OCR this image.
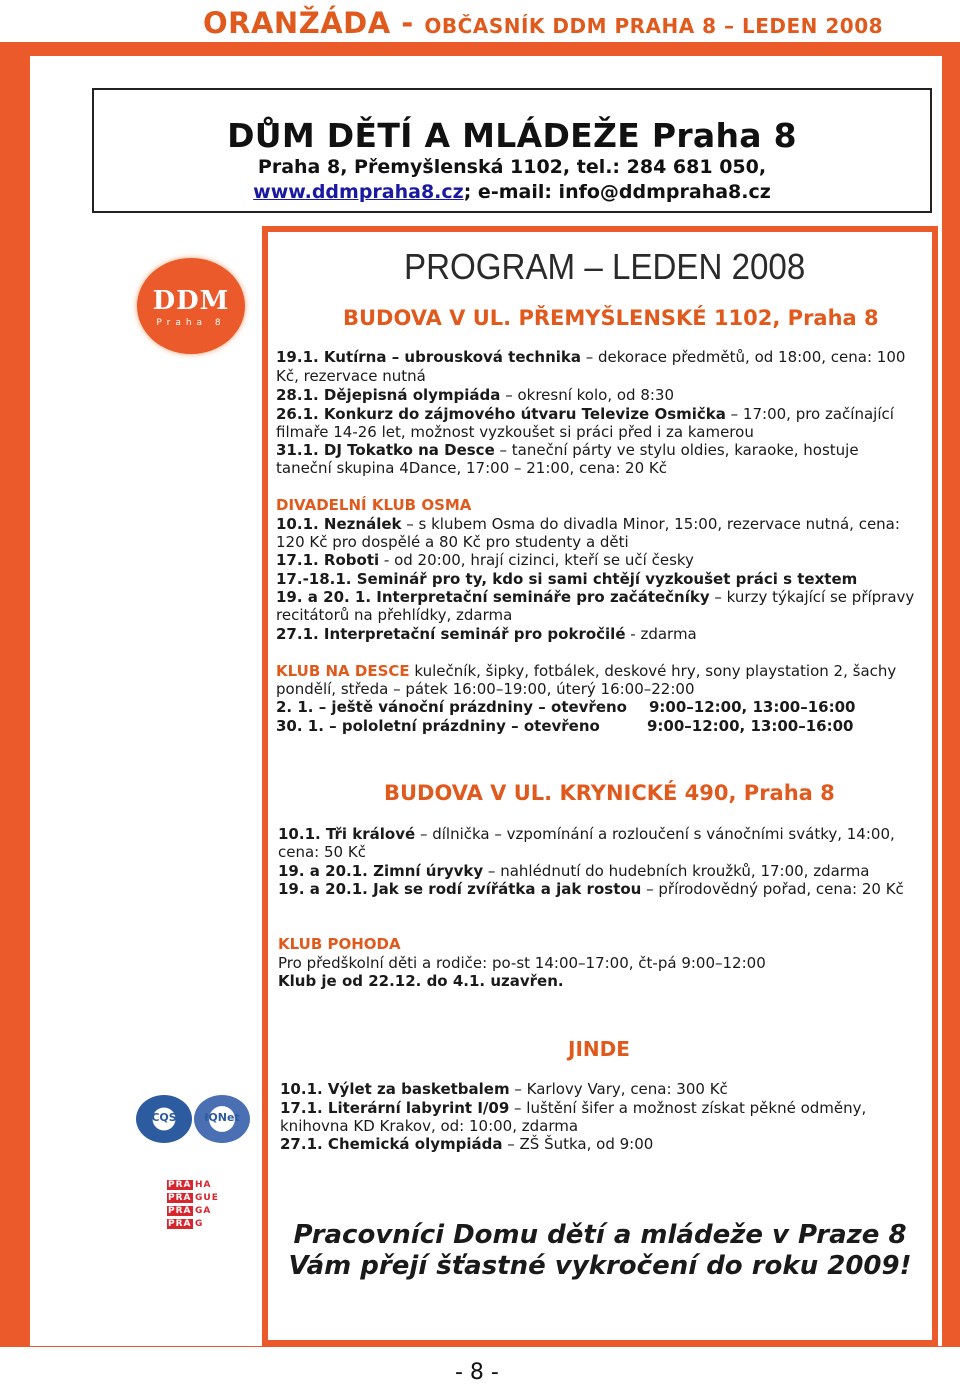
ORANŽÁDA - OBČASNÍK DDM PRAHA 8 – LEDEN 2008
DŮM DĚTÍ A MLÁDEŽE Praha 8
Praha 8, Přemyšlenská 1102, tel.: 284 681 050,
www.ddmpraha8.cz; e-mail: info@ddmpraha8.cz
DDM
Praha 8
PROGRAM – LEDEN 2008
BUDOVA V UL. PŘEMYŠLENSKÉ 1102, Praha 8
19.1. Kutírna – ubrousková technika – dekorace předmětů, od 18:00, cena: 100
Kč, rezervace nutná
28.1. Dějepisná olympiáda – okresní kolo, od 8:30
26.1. Konkurz do zájmového útvaru Televize Osmička – 17:00, pro začínající
filmaře 14-26 let, možnost vyzkoušet si práci před i za kamerou
31.1. DJ Tokatko na Desce – taneční párty ve stylu oldies, karaoke, hostuje
taneční skupina 4Dance, 17:00 – 21:00, cena: 20 Kč
DIVADELNÍ KLUB OSMA
10.1. Neználek – s klubem Osma do divadla Minor, 15:00, rezervace nutná, cena:
120 Kč pro dospělé a 80 Kč pro studenty a děti
17.1. Roboti - od 20:00, hrají cizinci, kteří se učí česky
17.-18.1. Seminář pro ty, kdo si sami chtějí vyzkoušet práci s textem
19. a 20. 1. Interpretační semináře pro začátečníky – kurzy týkající se přípravy
recitátorů na přehlídky, zdarma
27.1. Interpretační seminář pro pokročilé - zdarma
KLUB NA DESCE kulečník, šipky, fotbálek, deskové hry, sony playstation 2, šachy
pondělí, středa – pátek 16:00–19:00, úterý 16:00–22:00
2. 1. – ještě vánoční prázdniny – otevřeno 9:00–12:00, 13:00–16:00
30. 1. – pololetní prázdniny – otevřeno	9:00–12:00, 13:00–16:00
BUDOVA V UL. KRYNICKÉ 490, Praha 8
10.1. Tři králové – dílnička – vzpomínání a rozloučení s vánočními svátky, 14:00,
cena: 50 Kč
19. a 20.1. Zimní úryvky – nahlédnutí do hudebních kroužků, 17:00, zdarma
19. a 20.1. Jak se rodí zvířátka a jak rostou – přírodovědný pořad, cena: 20 Kč
KLUB POHODA
Pro předškolní děti a rodiče: po-st 14:00–17:00, čt-pá 9:00–12:00
Klub je od 22.12. do 4.1. uzavřen.
JINDE
10.1. Výlet za basketbalem – Karlovy Vary, cena: 300 Kč
17.1. Literární labyrint I/09 – luštění šifer a možnost získat pěkné odměny,
knihovna KD Krakov, od: 10:00, zdarma
27.1. Chemická olympiáda – ZŠ Šutka, od 9:00
CQS	IQNet
PRA HA
PRA GUE
PRA GA
PRA G	Pracovníci Domu dětí a mládeže v Praze 8
Vám přejí šťastné vykročení do roku 2009!
- 8 -
